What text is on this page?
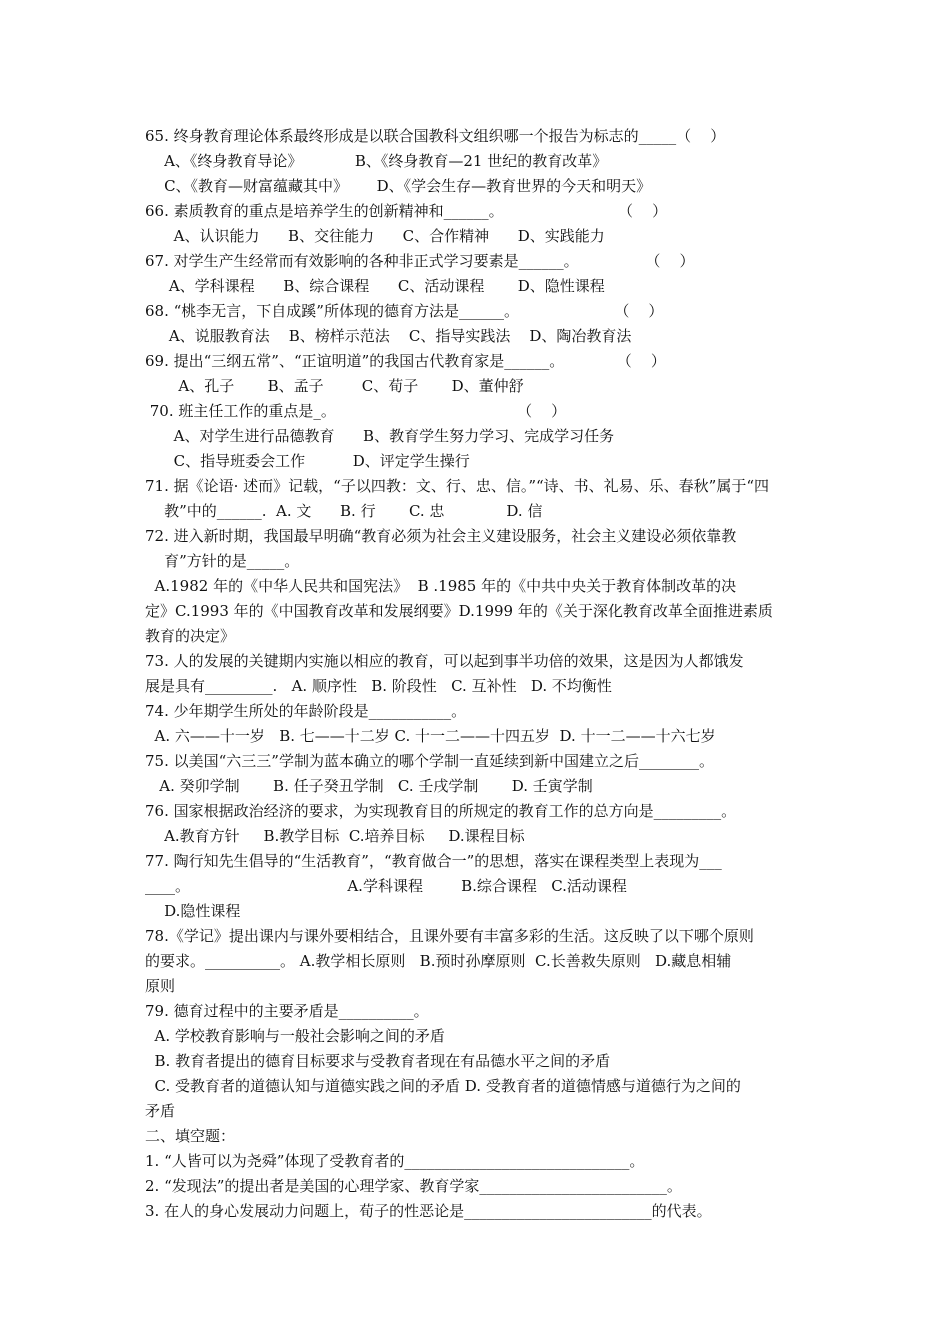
65. 终身教育理论体系最终形成是以联合国教科文组织哪一个报告为标志的_____（    ）
A、《终身教育导论》           B、《终身教育—21 世纪的教育改革》
C、《教育—财富蕴藏其中》      D、《学会生存—教育世界的今天和明天》
66. 素质教育的重点是培养学生的创新精神和______。                        （    ）
A、认识能力      B、交往能力      C、合作精神      D、实践能力
67. 对学生产生经常而有效影响的各种非正式学习要素是______。              （    ）
A、学科课程      B、综合课程      C、活动课程       D、隐性课程
68. “桃李无言，下自成蹊”所体现的德育方法是______。                    （    ）
A、说服教育法    B、榜样示范法    C、指导实践法    D、陶冶教育法
69. 提出“三纲五常”、“正谊明道”的我国古代教育家是______。           （    ）
A、孔子       B、孟子        C、荀子       D、董仲舒
70. 班主任工作的重点是_。                                      （    ）
A、对学生进行品德教育      B、教育学生努力学习、完成学习任务
C、指导班委会工作          D、评定学生操行
71. 据《论语· 述而》记载，“子以四教：文、行、忠、信。”“诗、书、礼易、乐、春秋”属于“四
教”中的______.  A. 文      B. 行       C. 忠             D. 信
72. 进入新时期，我国最早明确“教育必须为社会主义建设服务，社会主义建设必须依靠教
育”方针的是_____。
A.1982 年的《中华人民共和国宪法》  B .1985 年的《中共中央关于教育体制改革的决
定》C.1993 年的《中国教育改革和发展纲要》D.1999 年的《关于深化教育改革全面推进素质
教育的决定》
73. 人的发展的关键期内实施以相应的教育，可以起到事半功倍的效果，这是因为人都饿发
展是具有_________.   A. 顺序性   B. 阶段性   C. 互补性   D. 不均衡性
74. 少年期学生所处的年龄阶段是___________。
A. 六——十一岁   B. 七——十二岁 C. 十一二——十四五岁  D. 十一二——十六七岁
75. 以美国“六三三”学制为蓝本确立的哪个学制一直延续到新中国建立之后________。
A. 癸卯学制       B. 任子癸丑学制   C. 壬戌学制       D. 壬寅学制
76. 国家根据政治经济的要求，为实现教育目的所规定的教育工作的总方向是_________。
A.教育方针     B.教学目标  C.培养目标     D.课程目标
77. 陶行知先生倡导的“生活教育”，“教育做合一”的思想，落实在课程类型上表现为___
____。                                 A.学科课程        B.综合课程   C.活动课程
D.隐性课程
78.《学记》提出课内与课外要相结合，且课外要有丰富多彩的生活。这反映了以下哪个原则
的要求。__________。 A.教学相长原则   B.预时孙摩原则  C.长善救失原则   D.藏息相辅
原则
79. 德育过程中的主要矛盾是__________。
A. 学校教育影响与一般社会影响之间的矛盾
B. 教育者提出的德育目标要求与受教育者现在有品德水平之间的矛盾
C. 受教育者的道德认知与道德实践之间的矛盾 D. 受教育者的道德情感与道德行为之间的
矛盾
二、填空题：
1. “人皆可以为尧舜”体现了受教育者的______________________________。
2. “发现法”的提出者是美国的心理学家、教育学家_________________________。
3. 在人的身心发展动力问题上，荀子的性恶论是_________________________的代表。
